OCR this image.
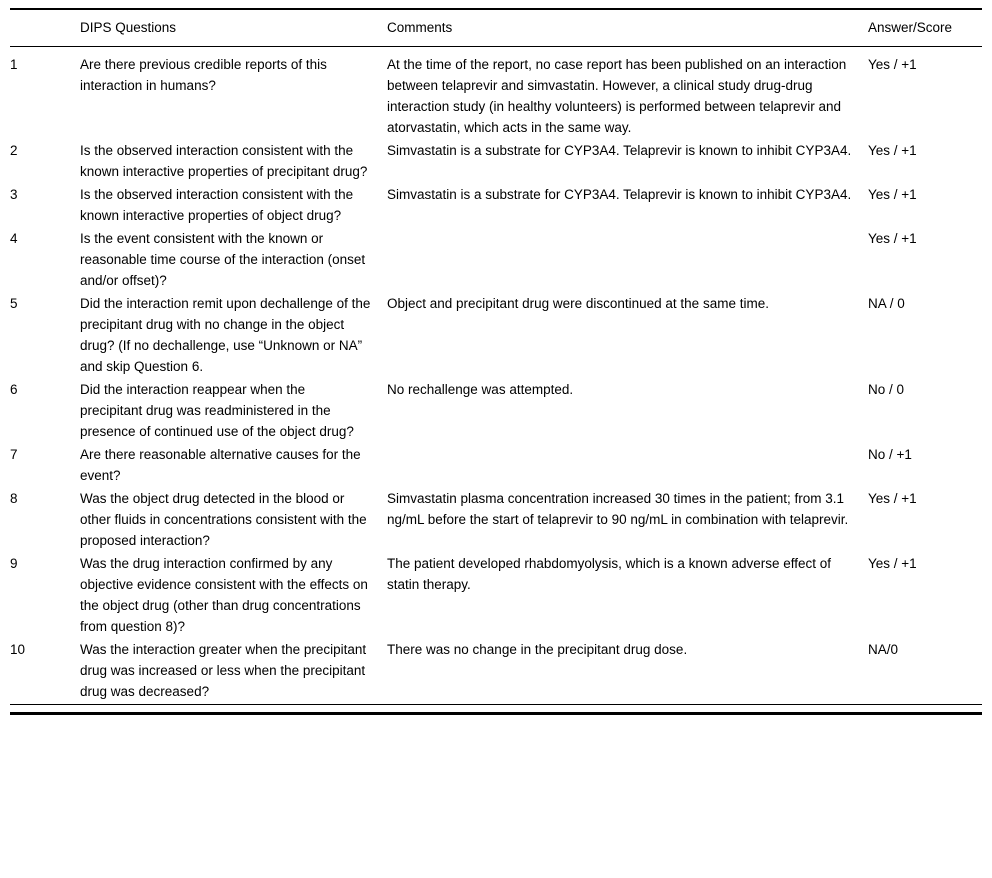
	DIPS Questions	Comments	Answer/Score
1	Are there previous credible reports of this interaction in humans?	At the time of the report, no case report has been published on an interaction between telaprevir and simvastatin. However, a clinical study drug-drug interaction study (in healthy volunteers) is performed between telaprevir and atorvastatin, which acts in the same way.	Yes / +1
2	Is the observed interaction consistent with the known interactive properties of precipitant drug?	Simvastatin is a substrate for CYP3A4. Telaprevir is known to inhibit CYP3A4.	Yes / +1
3	Is the observed interaction consistent with the known interactive properties of object drug?	Simvastatin is a substrate for CYP3A4. Telaprevir is known to inhibit CYP3A4.	Yes / +1
4	Is the event consistent with the known or reasonable time course of the interaction (onset and/or offset)?		Yes / +1
5	Did the interaction remit upon dechallenge of the precipitant drug with no change in the object drug? (If no dechallenge, use “Unknown or NA” and skip Question 6.	Object and precipitant drug were discontinued at the same time.	NA / 0
6	Did the interaction reappear when the precipitant drug was readministered in the presence of continued use of the object drug?	No rechallenge was attempted.	No / 0
7	Are there reasonable alternative causes for the event?		No / +1
8	Was the object drug detected in the blood or other fluids in concentrations consistent with the proposed interaction?	Simvastatin plasma concentration increased 30 times in the patient; from 3.1 ng/mL before the start of telaprevir to 90 ng/mL in combination with telaprevir.	Yes / +1
9	Was the drug interaction confirmed by any objective evidence consistent with the effects on the object drug (other than drug concentrations from question 8)?	The patient developed rhabdomyolysis, which is a known adverse effect of statin therapy.	Yes / +1
10	Was the interaction greater when the precipitant drug was increased or less when the precipitant drug was decreased?	There was no change in the precipitant drug dose.	NA/0
